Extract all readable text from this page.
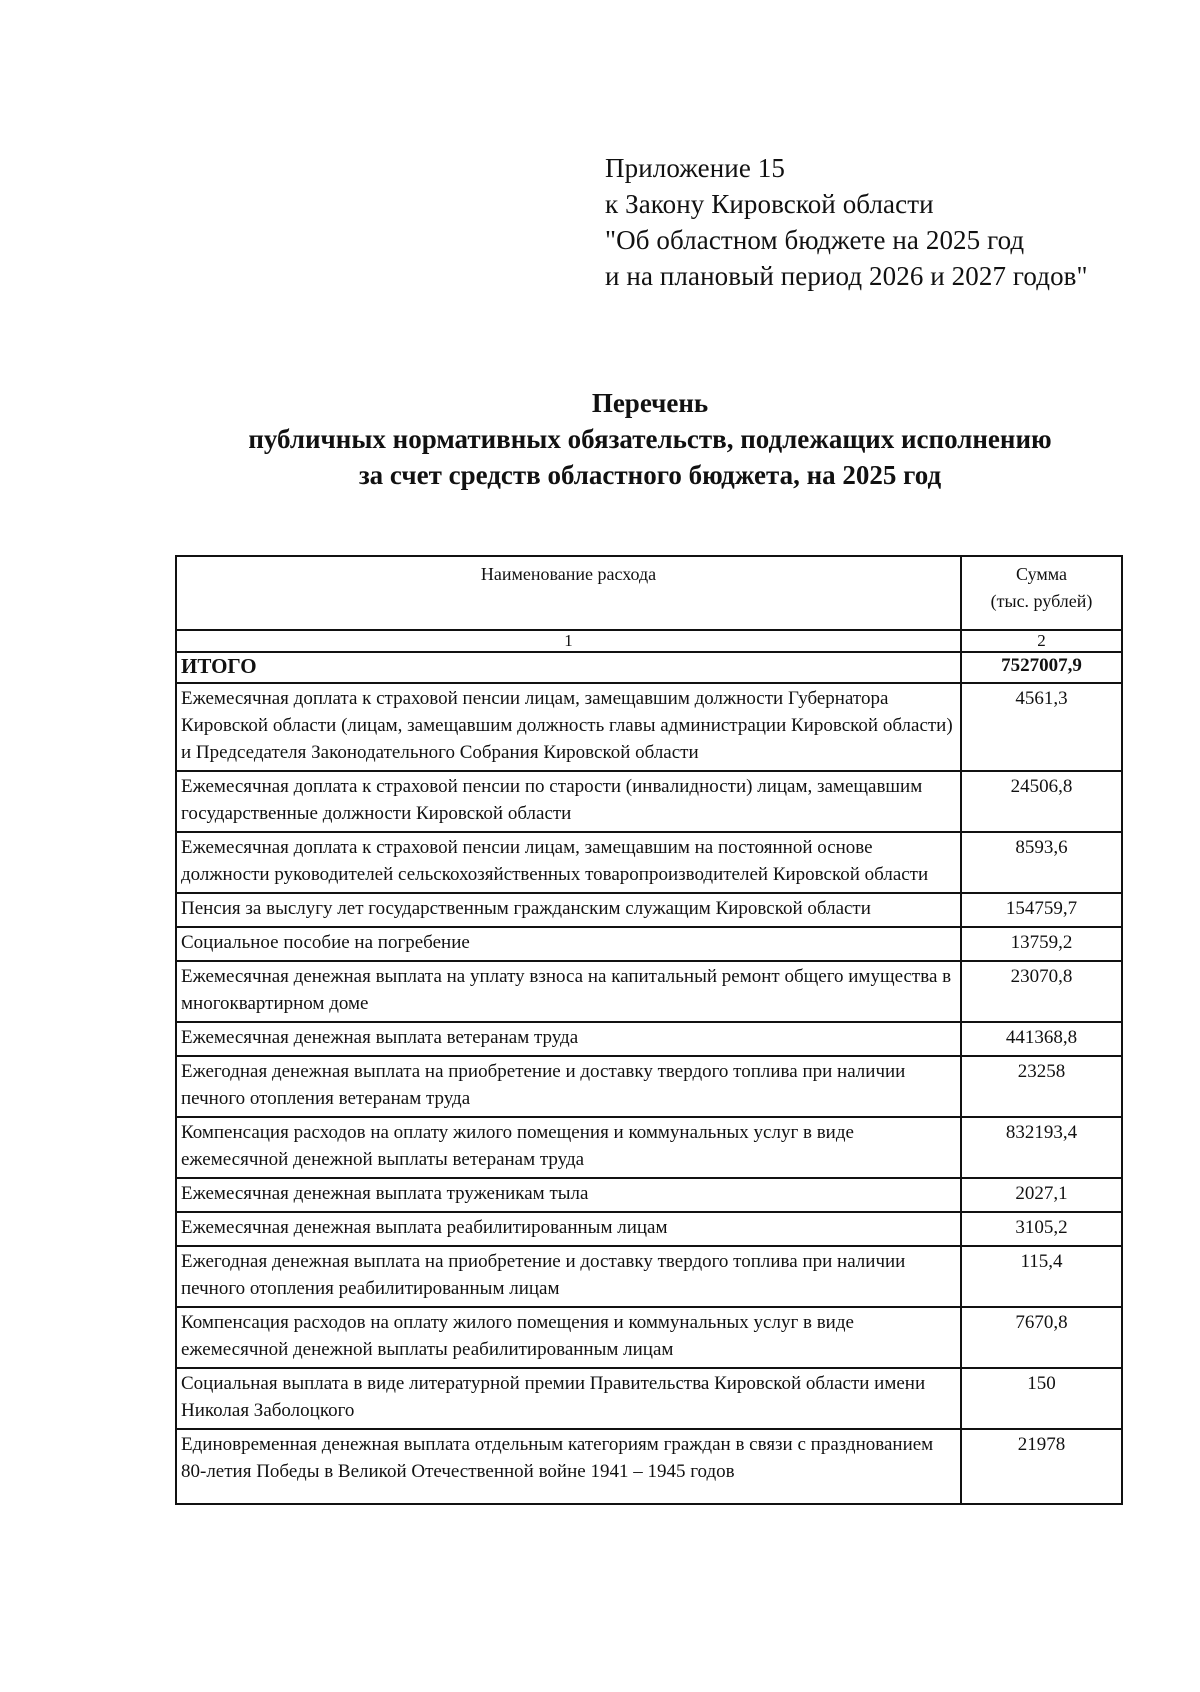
Приложение 15
к Закону Кировской области
"Об областном бюджете на 2025 год
и на плановый период 2026 и 2027 годов"
Перечень
публичных нормативных обязательств, подлежащих исполнению
за счет средств областного бюджета, на 2025 год
Наименование расхода	Сумма
(тыс. рублей)

1	2
ИТОГО	7527007,9
Ежемесячная доплата к страховой пенсии лицам, замещавшим должности Губернатора Кировской области (лицам, замещавшим должность главы администрации Кировской области) и Председателя Законодательного Собрания Кировской области	4561,3
Ежемесячная доплата к страховой пенсии по старости (инвалидности) лицам, замещавшим государственные должности Кировской области	24506,8
Ежемесячная доплата к страховой пенсии лицам, замещавшим на постоянной основе должности руководителей сельскохозяйственных товаропроизводителей Кировской области	8593,6
Пенсия за выслугу лет государственным гражданским служащим Кировской области	154759,7
Социальное пособие на погребение	13759,2
Ежемесячная денежная выплата на уплату взноса на капитальный ремонт общего имущества в многоквартирном доме	23070,8
Ежемесячная денежная выплата ветеранам труда	441368,8
Ежегодная денежная выплата на приобретение и доставку твердого топлива при наличии печного отопления ветеранам труда	23258
Компенсация расходов на оплату жилого помещения и коммунальных услуг в виде ежемесячной денежной выплаты ветеранам труда	832193,4
Ежемесячная денежная выплата труженикам тыла	2027,1
Ежемесячная денежная выплата реабилитированным лицам	3105,2
Ежегодная денежная выплата на приобретение и доставку твердого топлива при наличии печного отопления реабилитированным лицам	115,4
Компенсация расходов на оплату жилого помещения и коммунальных услуг в виде ежемесячной денежной выплаты реабилитированным лицам	7670,8
Социальная выплата в виде литературной премии Правительства Кировской области имени Николая Заболоцкого	150
Единовременная денежная выплата отдельным категориям граждан в связи с празднованием 80-летия Победы в Великой Отечественной войне 1941 – 1945 годов	21978
